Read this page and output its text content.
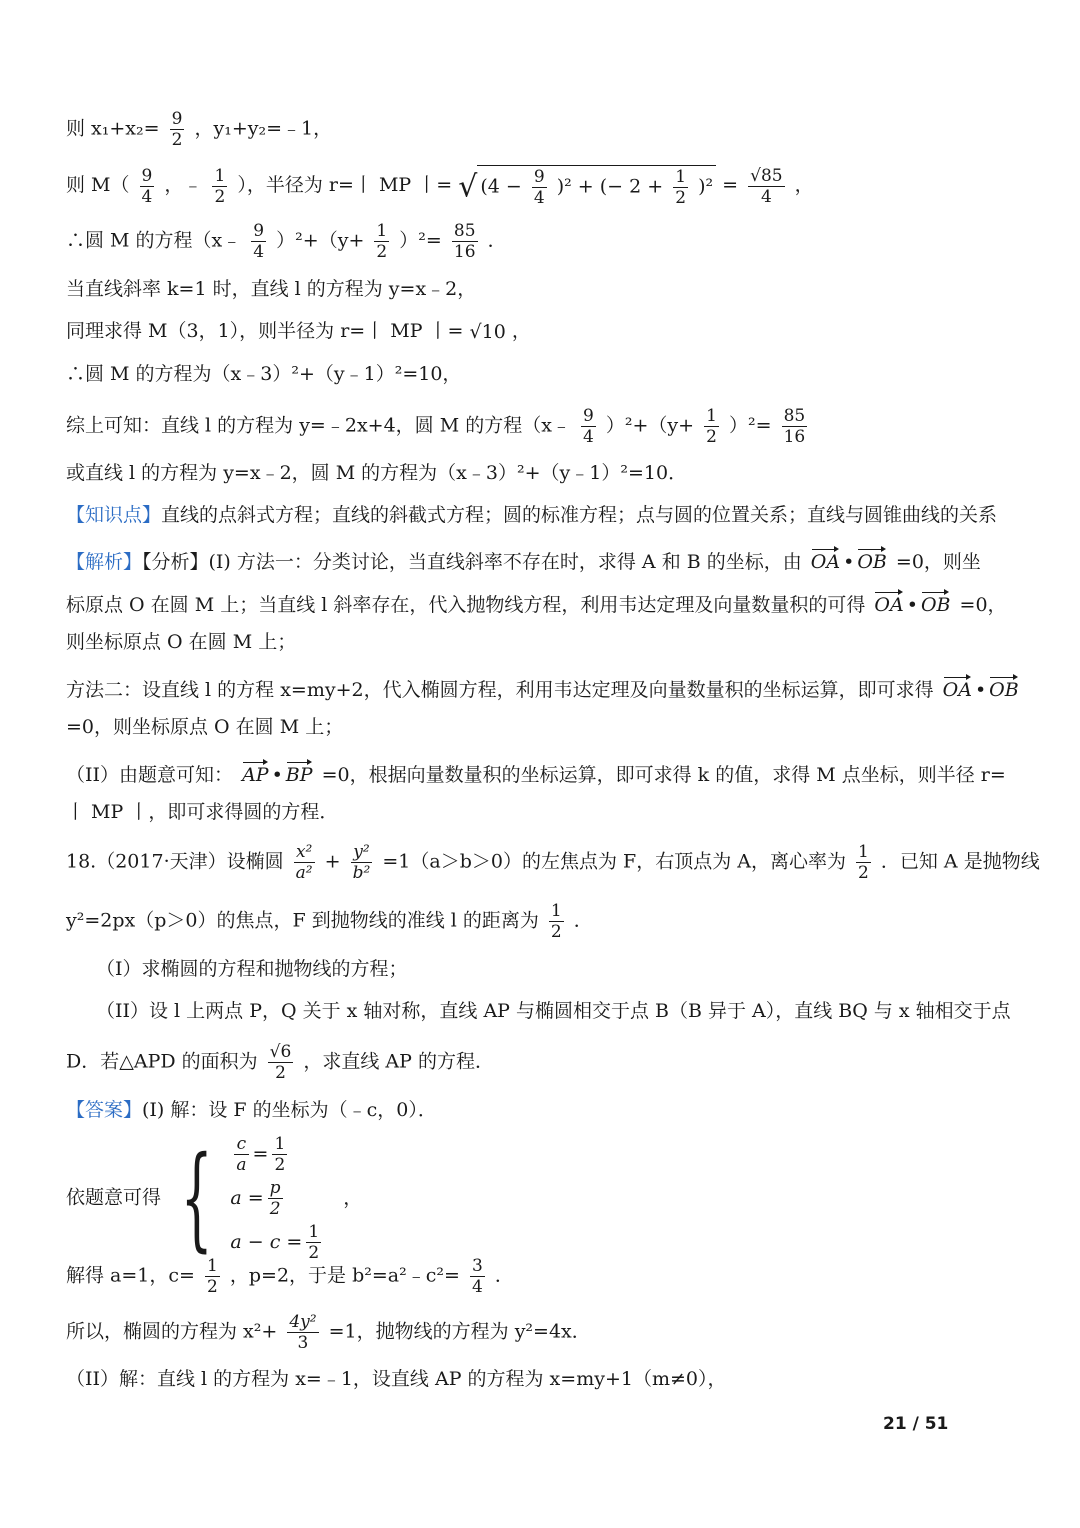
则 $x_1+x_2= \frac{9}{2}$ ，y₁+y₂=﹣1，
则 $M( \frac{9}{4}$ ，﹣ $\frac{1}{2}$ ），半径为 r=丨 MP 丨= √ $(4 - \frac{9}{4} )^2$ + (− $2 + \frac{1}{2} )^2 = \frac{√85}{4}$ ，
∴圆 M 的方程（x﹣ $\frac{9}{4} )^2+(y+ \frac{1}{2} )^2= \frac{85}{16}$ ．
当直线斜率 k=1 时，直线 l 的方程为 y=x﹣2，
同理求得 M（3，1），则半径为 r=丨 MP 丨= √10 ，
∴圆 M 的方程为（x﹣3）²+（y﹣1）²=10，
综上可知：直线 l 的方程为 y=﹣2x+4，圆 M 的方程（x﹣ $\frac{9}{4} )^2+(y+ \frac{1}{2} )^2= \frac{85}{16}$
或直线 l 的方程为 y=x﹣2，圆 M 的方程为（x﹣3）²+（y﹣1）²=10．
【知识点】直线的点斜式方程；直线的斜截式方程；圆的标准方程；点与圆的位置关系；直线与圆锥曲线的关系
【解析】【分析】(I) 方法一：分类讨论，当直线斜率不存在时，求得 A 和 B 的坐标，由 OA • OB =0，则坐
标原点 O 在圆 M 上；当直线 l 斜率存在，代入抛物线方程，利用韦达定理及向量数量积的可得 OA • OB =0，
则坐标原点 O 在圆 M 上；
方法二：设直线 l 的方程 x=my+2，代入椭圆方程，利用韦达定理及向量数量积的坐标运算，即可求得 OA • OB
=0，则坐标原点 O 在圆 M 上；
（II）由题意可知： AP • BP =0，根据向量数量积的坐标运算，即可求得 k 的值，求得 M 点坐标，则半径 r=
丨 MP 丨，即可求得圆的方程．
18.（2017·天津）设椭圆 $\frac{\text{x²}}{\text{a²}} + \frac{\text{y²}}{\text{b²}} =1(a>b>0)$的左焦点为 F，右顶点为 A，离心率为 $\frac{1}{2}$ ．已知 A 是抛物线
y²=2px（p＞0）的焦点，F 到抛物线的准线 l 的距离为 $\frac{1}{2}$ ．
（I）求椭圆的方程和抛物线的方程；
（II）设 l 上两点 P，Q 关于 x 轴对称，直线 AP 与椭圆相交于点 B（B 异于 A），直线 BQ 与 x 轴相交于点
D．若△APD 的面积为 $\frac{√6}{2}$ ，求直线 AP 的方程．
【答案】(I) 解：设 F 的坐标为（﹣c，0）．
依题意可得 { $\frac{c}{a} = \frac{1}{2}$
$a = \frac{p}{2}$
$a - c = \frac{1}{2}$
，
解得 a=1，$c= \frac{1}{2}$ ，p=2，于是 b²=a²﹣c²= $\frac{3}{4}$ ．
所以，椭圆的方程为 $x^2+ \frac{\text{4y²}}{3} =1$，抛物线的方程为 y²=4x．
（II）解：直线 l 的方程为 x=﹣1，设直线 AP 的方程为 x=my+1（m≠0），
21 / 51
